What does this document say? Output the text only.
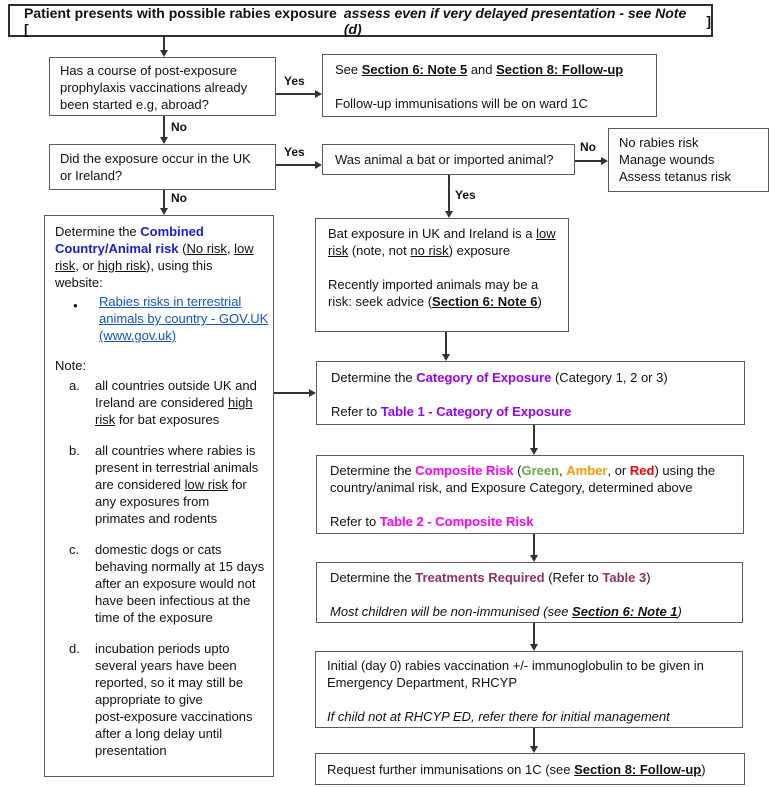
Patient presents with possible rabies exposure [
assess even if very delayed presentation - see Note (d)	]
Has a course of post-exposure
prophylaxis vaccinations already
been started e.g, abroad?
See Section 6: Note 5 and Section 8: Follow-up

Follow-up immunisations will be on ward 1C
Did the exposure occur in the UK
or Ireland?
Was animal a bat or imported animal?
No rabies risk
Manage wounds
Assess tetanus risk
Bat exposure in UK and Ireland is a low
risk (note, not no risk) exposure

Recently imported animals may be a
risk: seek advice (Section 6: Note 6)
Determine the Combined
Country/Animal risk (No risk, low
risk, or high risk), using this
website:
●	Rabies risks in terrestrial
animals by country - GOV.UK
(www.gov.uk)
Note:
a.	all countries outside UK and
Ireland are considered high
risk for bat exposures
b.	all countries where rabies is
present in terrestrial animals
are considered low risk for
any exposures from
primates and rodents
c.	domestic dogs or cats
behaving normally at 15 days
after an exposure would not
have been infectious at the
time of the exposure
d.	incubation periods upto
several years have been
reported, so it may still be
appropriate to give
post-exposure vaccinations
after a long delay until
presentation
Determine the Category of Exposure (Category 1, 2 or 3)

Refer to Table 1 - Category of Exposure
Determine the Composite Risk (Green, Amber, or Red) using the
country/animal risk, and Exposure Category, determined above

Refer to Table 2 - Composite Risk
Determine the Treatments Required (Refer to Table 3)

Most children will be non-immunised (see Section 6: Note 1)
Initial (day 0) rabies vaccination +/- immunoglobulin to be given in
Emergency Department, RHCYP

If child not at RHCYP ED, refer there for initial management
Request further immunisations on 1C (see Section 8: Follow-up)
Yes
No
Yes	No
Yes
No
